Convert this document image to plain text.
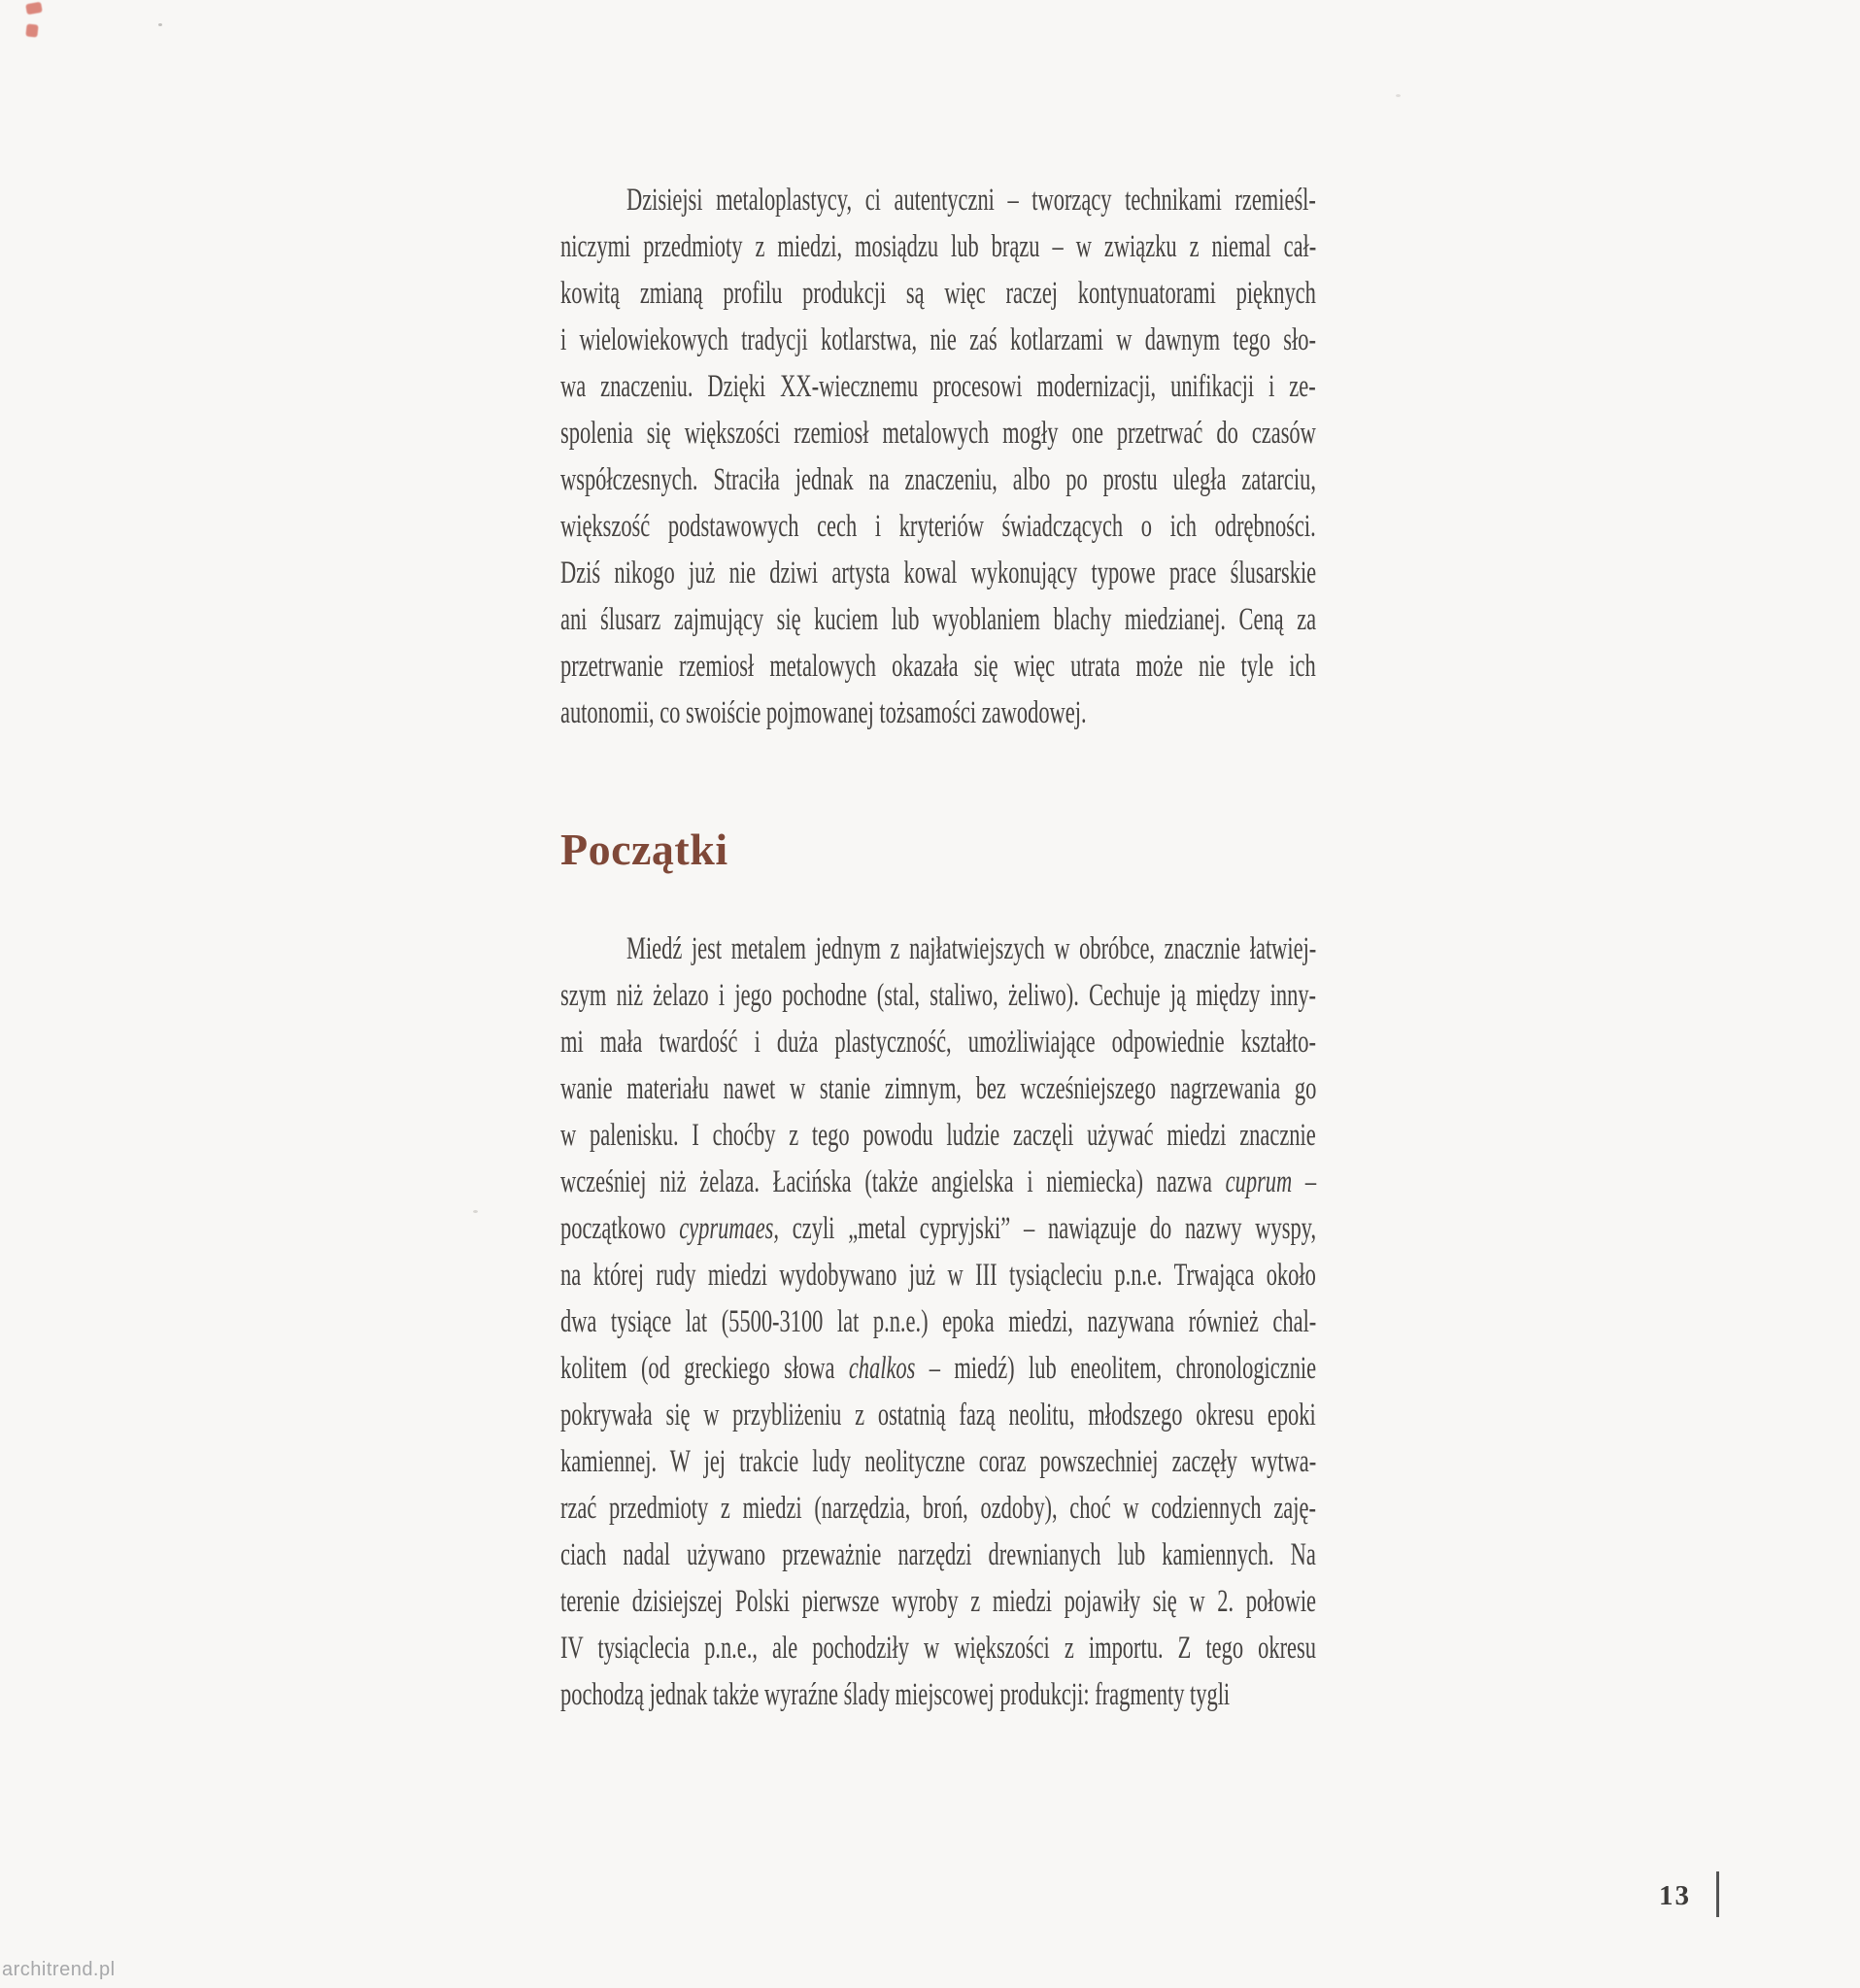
Dzisiejsi metaloplastycy, ci autentyczni – tworzący technikami rzemieśl-
niczymi przedmioty z miedzi, mosiądzu lub brązu – w związku z niemal cał-
kowitą zmianą profilu produkcji są więc raczej kontynuatorami pięknych
i wielowiekowych tradycji kotlarstwa, nie zaś kotlarzami w dawnym tego sło-
wa znaczeniu. Dzięki XX-wiecznemu procesowi modernizacji, unifikacji i ze-
spolenia się większości rzemiosł metalowych mogły one przetrwać do czasów
współczesnych. Straciła jednak na znaczeniu, albo po prostu uległa zatarciu,
większość podstawowych cech i kryteriów świadczących o ich odrębności.
Dziś nikogo już nie dziwi artysta kowal wykonujący typowe prace ślusarskie
ani ślusarz zajmujący się kuciem lub wyoblaniem blachy miedzianej. Ceną za
przetrwanie rzemiosł metalowych okazała się więc utrata może nie tyle ich
autonomii, co swoiście pojmowanej tożsamości zawodowej.
Początki
Miedź jest metalem jednym z najłatwiejszych w obróbce, znacznie łatwiej-
szym niż żelazo i jego pochodne (stal, staliwo, żeliwo). Cechuje ją między inny-
mi mała twardość i duża plastyczność, umożliwiające odpowiednie kształto-
wanie materiału nawet w stanie zimnym, bez wcześniejszego nagrzewania go
w palenisku. I choćby z tego powodu ludzie zaczęli używać miedzi znacznie
wcześniej niż żelaza. Łacińska (także angielska i niemiecka) nazwa cuprum –
początkowo cyprumaes, czyli „metal cypryjski” – nawiązuje do nazwy wyspy,
na której rudy miedzi wydobywano już w III tysiącleciu p.n.e. Trwająca około
dwa tysiące lat (5500-3100 lat p.n.e.) epoka miedzi, nazywana również chal-
kolitem (od greckiego słowa chalkos – miedź) lub eneolitem, chronologicznie
pokrywała się w przybliżeniu z ostatnią fazą neolitu, młodszego okresu epoki
kamiennej. W jej trakcie ludy neolityczne coraz powszechniej zaczęły wytwa-
rzać przedmioty z miedzi (narzędzia, broń, ozdoby), choć w codziennych zaję-
ciach nadal używano przeważnie narzędzi drewnianych lub kamiennych. Na
terenie dzisiejszej Polski pierwsze wyroby z miedzi pojawiły się w 2. połowie
IV tysiąclecia p.n.e., ale pochodziły w większości z importu. Z tego okresu
pochodzą jednak także wyraźne ślady miejscowej produkcji: fragmenty tygli
13
architrend.pl
